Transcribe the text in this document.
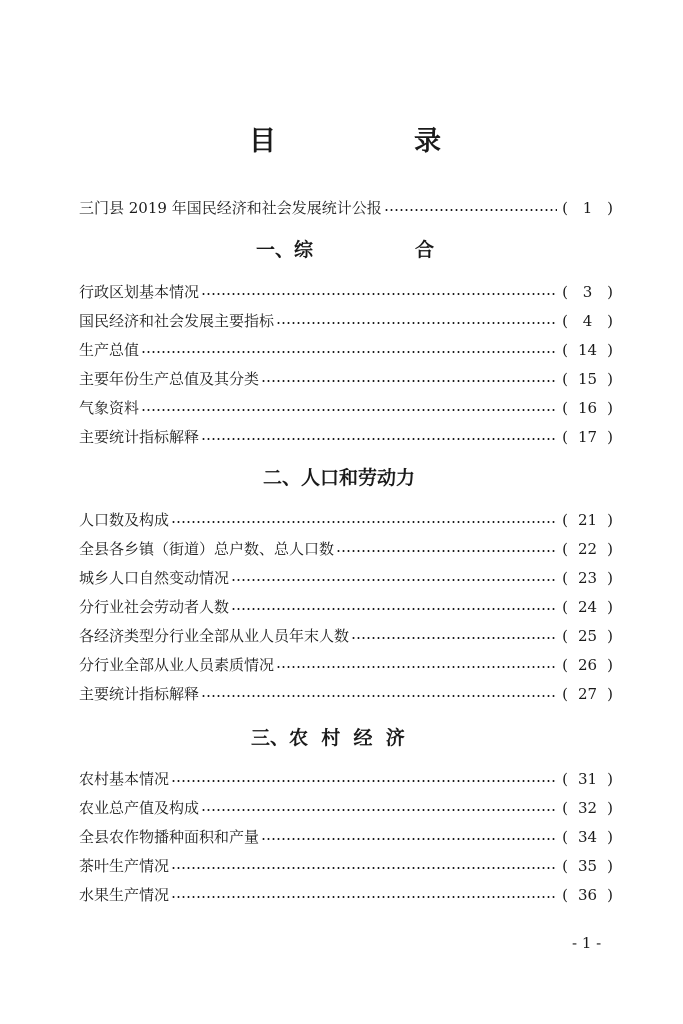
目	录
三门县 2019 年国民经济和社会发展统计公报	( 1 )
一、综	合
行政区划基本情况	( 3 )
国民经济和社会发展主要指标	( 4 )
生产总值	( 14 )
主要年份生产总值及其分类	( 15 )
气象资料	( 16 )
主要统计指标解释	( 17 )
二、人口和劳动力
人口数及构成	( 21 )
全县各乡镇（街道）总户数、总人口数	( 22 )
城乡人口自然变动情况	( 23 )
分行业社会劳动者人数	( 24 )
各经济类型分行业全部从业人员年末人数	( 25 )
分行业全部从业人员素质情况	( 26 )
主要统计指标解释	( 27 )
三、农  村  经  济
农村基本情况	( 31 )
农业总产值及构成	( 32 )
全县农作物播种面积和产量	( 34 )
茶叶生产情况	( 35 )
水果生产情况	( 36 )
- 1 -
